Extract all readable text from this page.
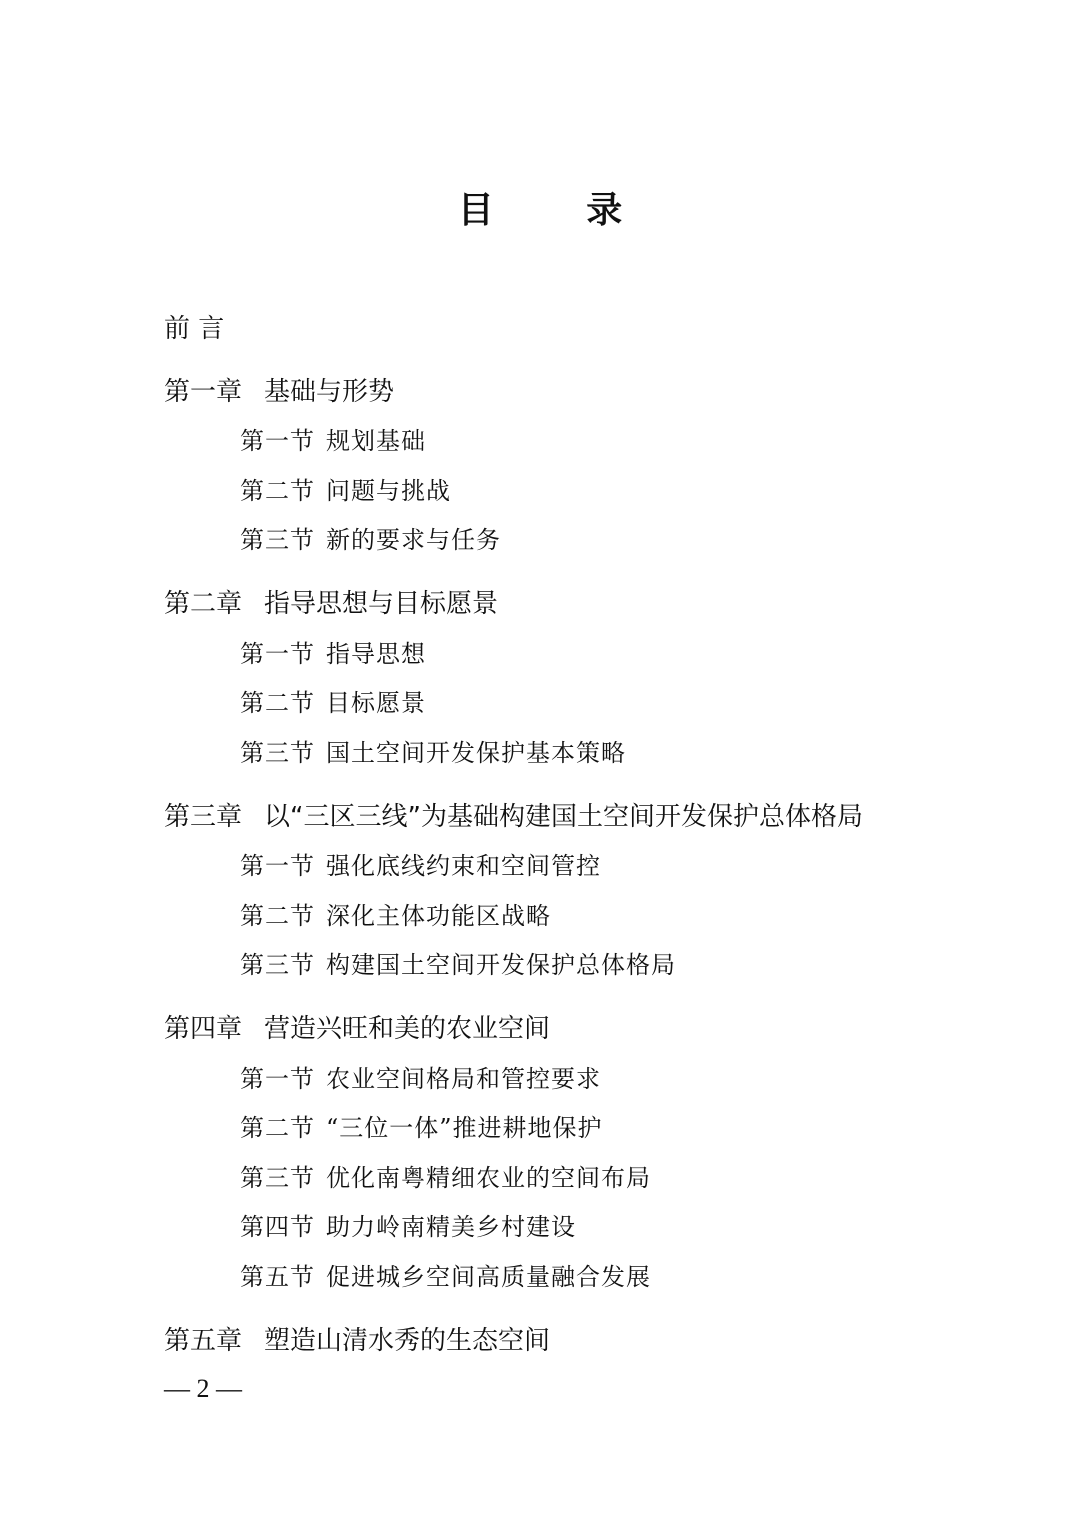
目 录
前 言
第一章 基础与形势
第一节 规划基础
第二节 问题与挑战
第三节 新的要求与任务
第二章 指导思想与目标愿景
第一节 指导思想
第二节 目标愿景
第三节 国土空间开发保护基本策略
第三章 以“三区三线”为基础构建国土空间开发保护总体格局
第一节 强化底线约束和空间管控
第二节 深化主体功能区战略
第三节 构建国土空间开发保护总体格局
第四章 营造兴旺和美的农业空间
第一节 农业空间格局和管控要求
第二节 “三位一体”推进耕地保护
第三节 优化南粤精细农业的空间布局
第四节 助力岭南精美乡村建设
第五节 促进城乡空间高质量融合发展
第五章 塑造山清水秀的生态空间
— 2 —
